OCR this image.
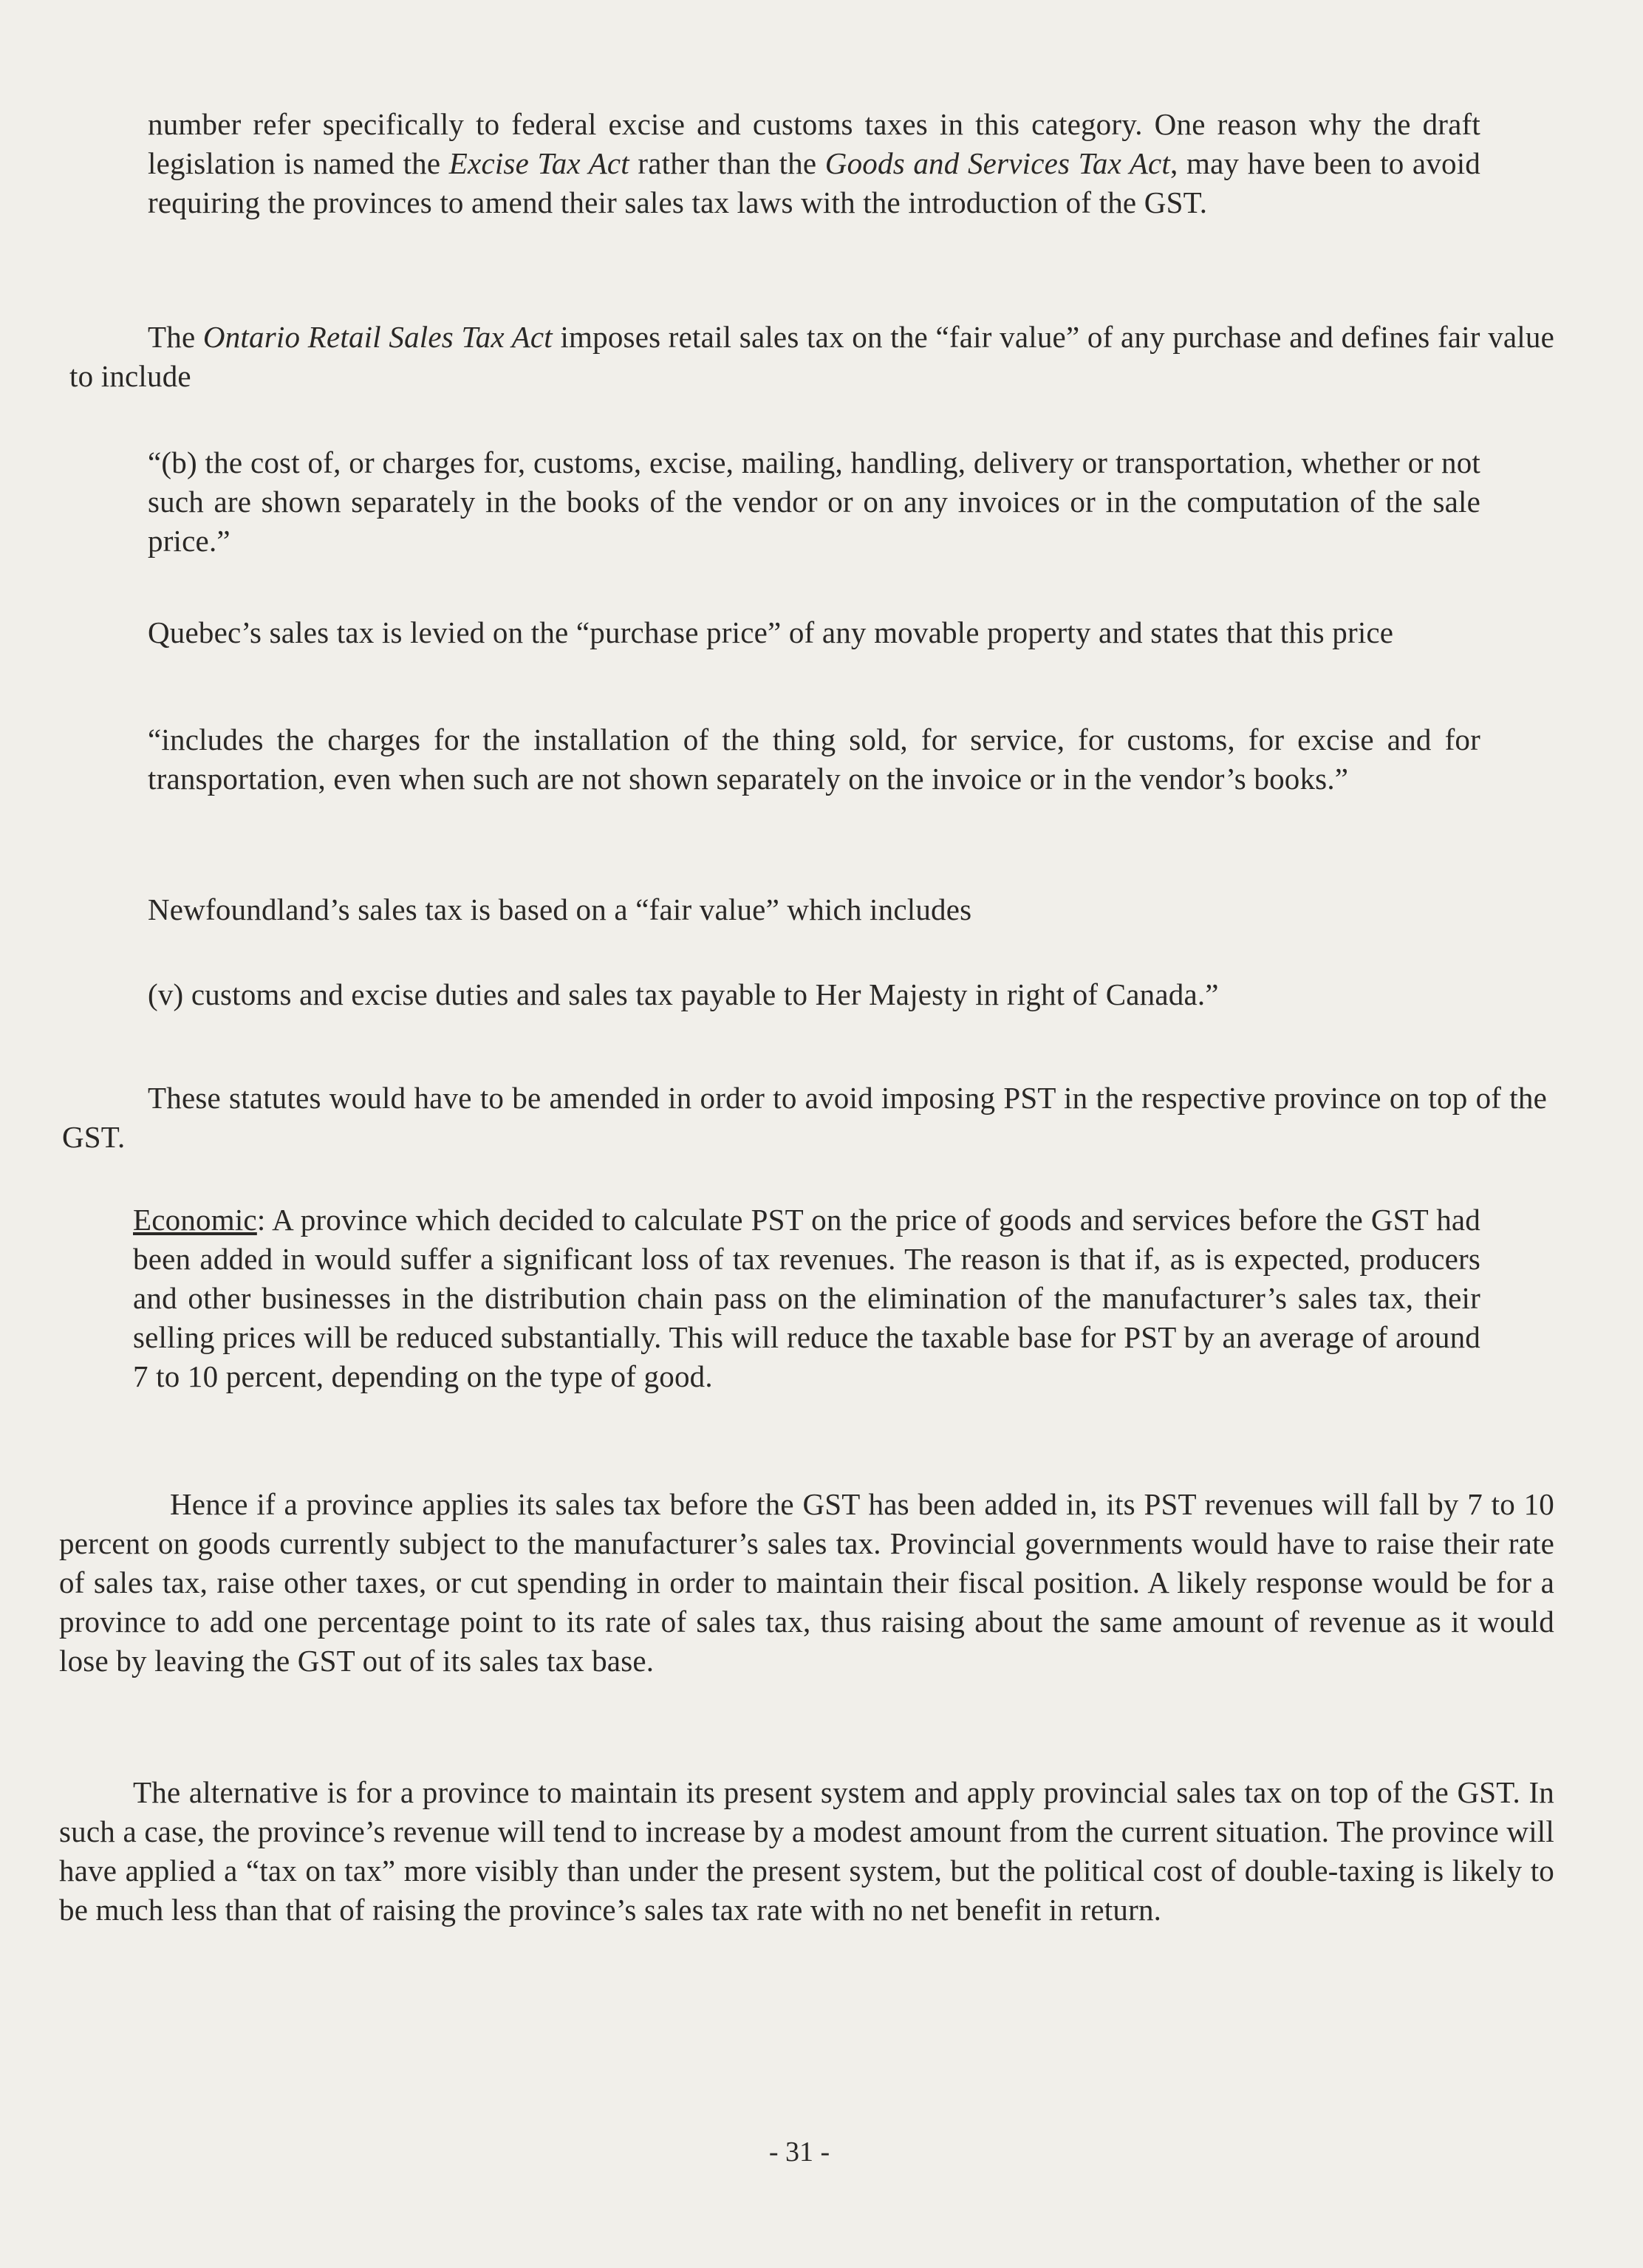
number refer specifically to federal excise and customs taxes in this category. One reason why the draft legislation is named the Excise Tax Act rather than the Goods and Services Tax Act, may have been to avoid requiring the provinces to amend their sales tax laws with the introduction of the GST.

The Ontario Retail Sales Tax Act imposes retail sales tax on the “fair value” of any purchase and defines fair value to include

“(b) the cost of, or charges for, customs, excise, mailing, handling, delivery or transportation, whether or not such are shown separately in the books of the vendor or on any invoices or in the computation of the sale price.”

Quebec’s sales tax is levied on the “purchase price” of any movable property and states that this price

“includes the charges for the installation of the thing sold, for service, for customs, for excise and for transportation, even when such are not shown separately on the invoice or in the vendor’s books.”

Newfoundland’s sales tax is based on a “fair value” which includes

(v) customs and excise duties and sales tax payable to Her Majesty in right of Canada.”

These statutes would have to be amended in order to avoid imposing PST in the respective province on top of the GST.

Economic: A province which decided to calculate PST on the price of goods and services before the GST had been added in would suffer a significant loss of tax revenues. The reason is that if, as is expected, producers and other businesses in the distribution chain pass on the elimination of the manufacturer’s sales tax, their selling prices will be reduced substantially. This will reduce the taxable base for PST by an average of around 7 to 10 percent, depending on the type of good.

Hence if a province applies its sales tax before the GST has been added in, its PST revenues will fall by 7 to 10 percent on goods currently subject to the manufacturer’s sales tax. Provincial governments would have to raise their rate of sales tax, raise other taxes, or cut spending in order to maintain their fiscal position. A likely response would be for a province to add one percentage point to its rate of sales tax, thus raising about the same amount of revenue as it would lose by leaving the GST out of its sales tax base.

The alternative is for a province to maintain its present system and apply provincial sales tax on top of the GST. In such a case, the province’s revenue will tend to increase by a modest amount from the current situation. The province will have applied a “tax on tax” more visibly than under the present system, but the political cost of double-taxing is likely to be much less than that of raising the province’s sales tax rate with no net benefit in return.

- 31 -
